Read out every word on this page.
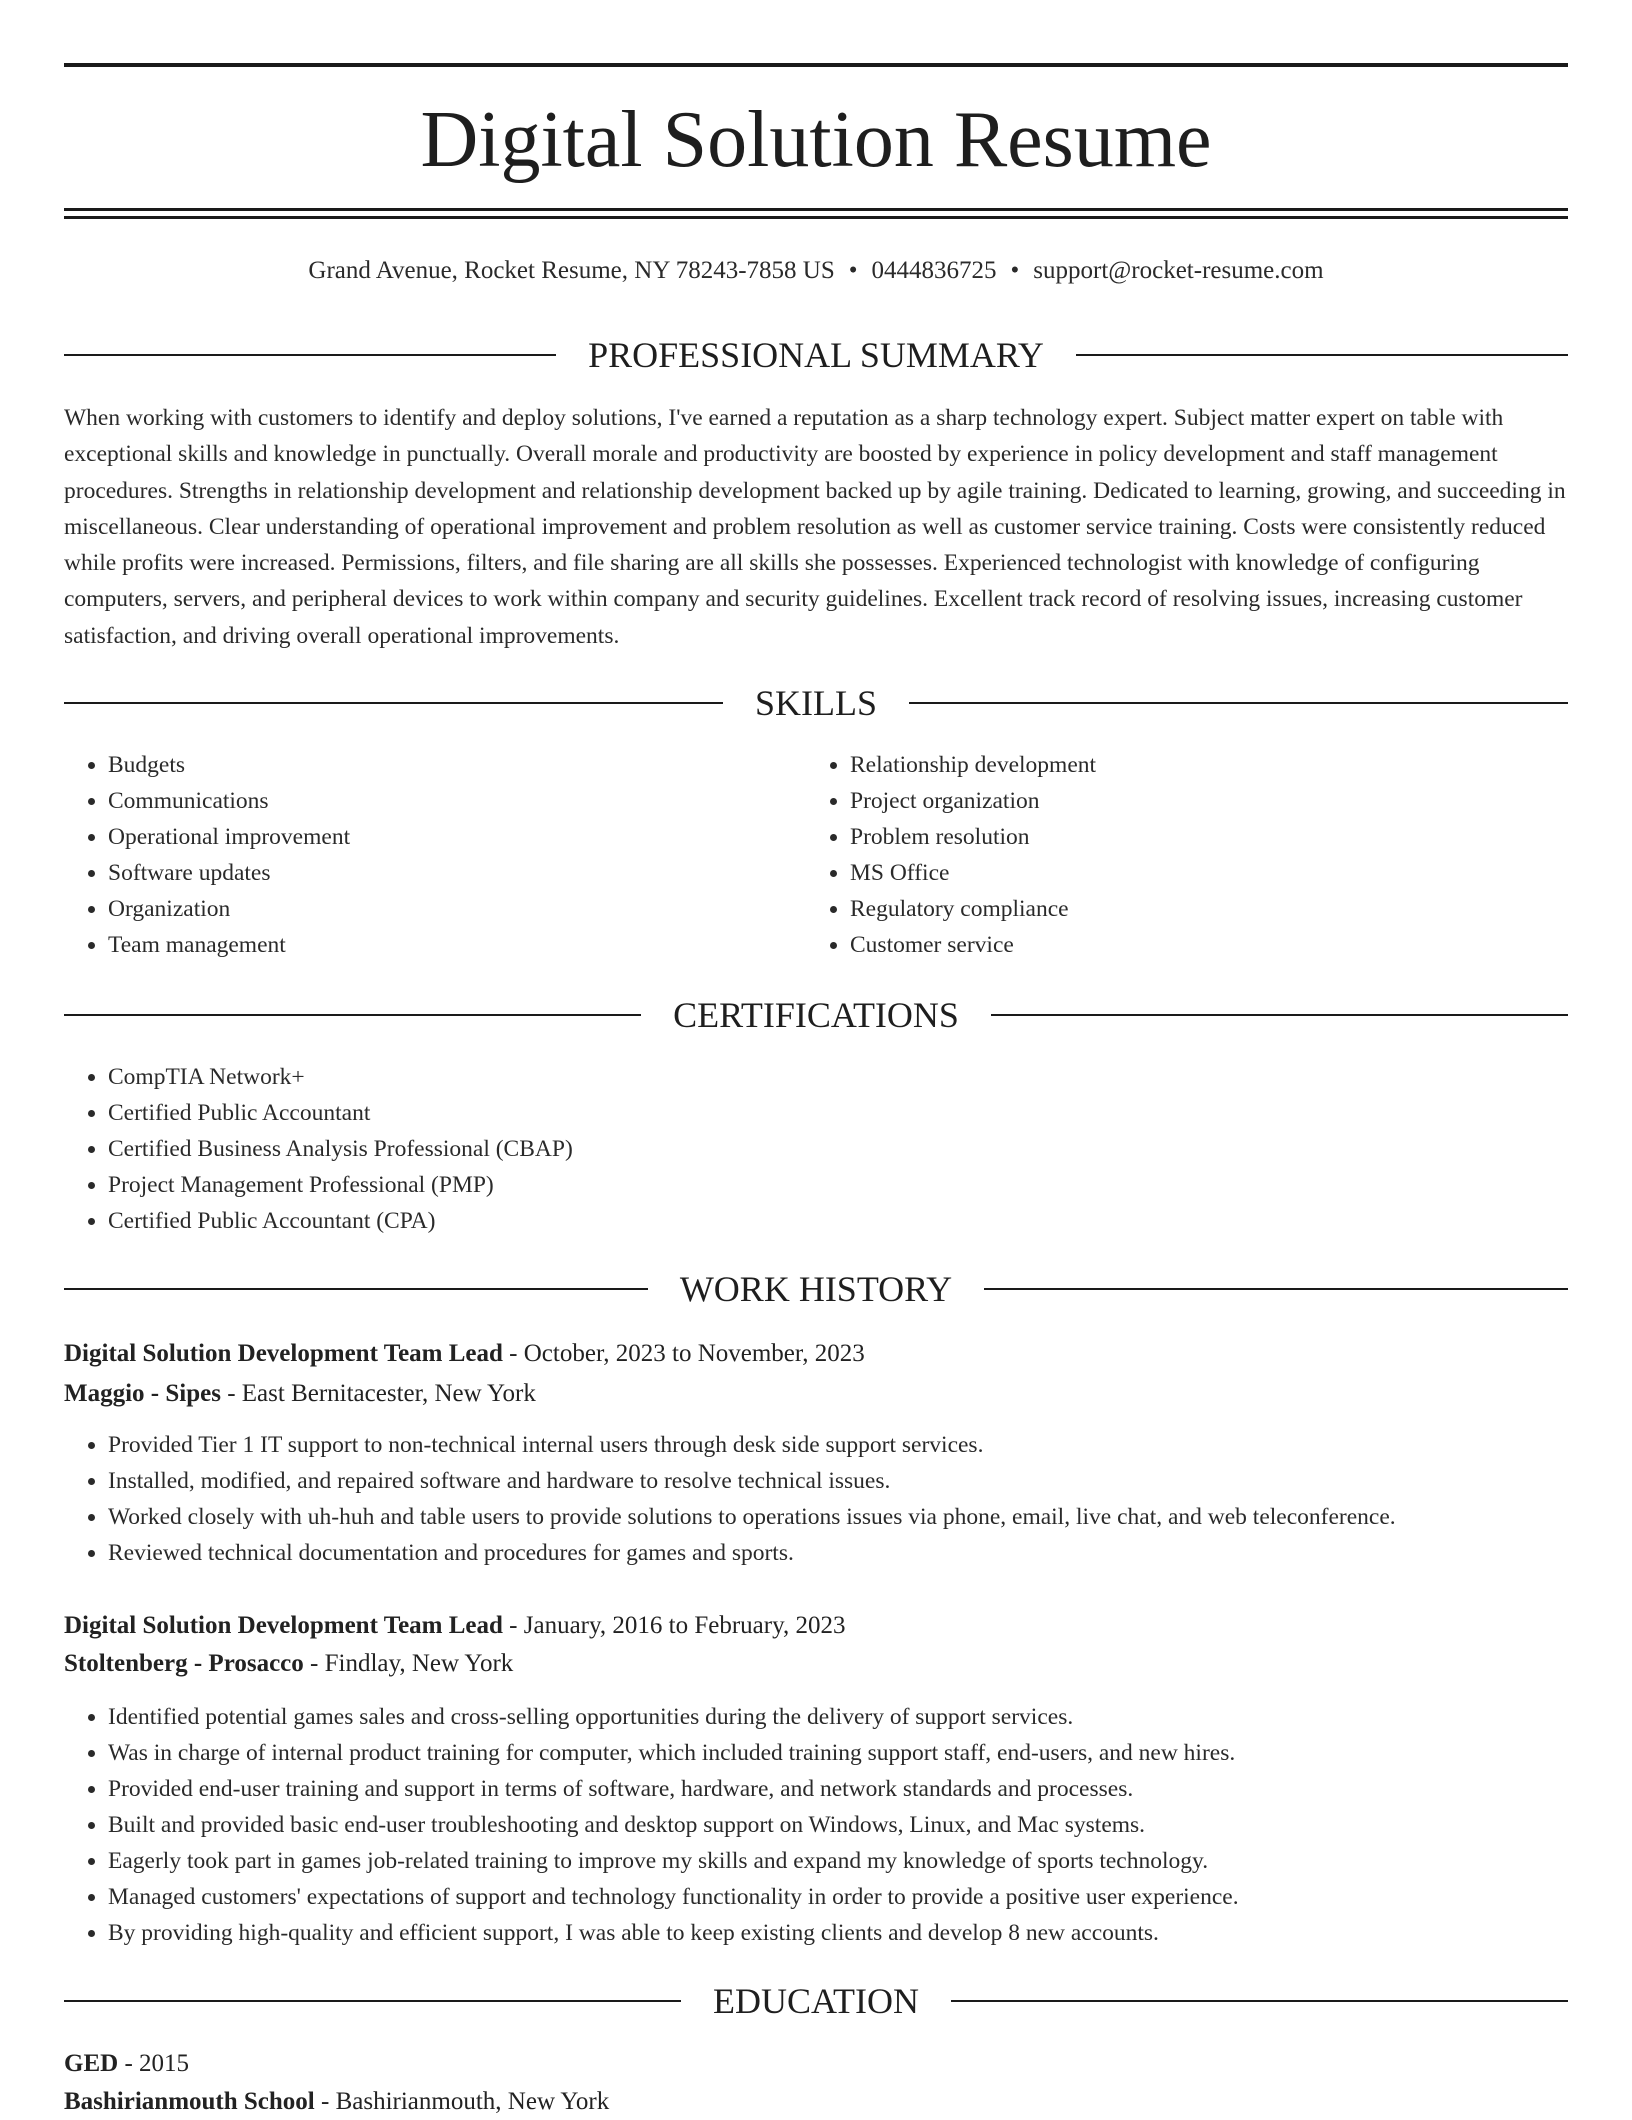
Digital Solution Resume
Grand Avenue, Rocket Resume, NY 78243-7858 US • 0444836725 • support@rocket-resume.com
PROFESSIONAL SUMMARY

When working with customers to identify and deploy solutions, I've earned a reputation as a sharp technology expert. Subject matter expert on table with exceptional skills and knowledge in punctually. Overall morale and productivity are boosted by experience in policy development and staff management procedures. Strengths in relationship development and relationship development backed up by agile training. Dedicated to learning, growing, and succeeding in miscellaneous. Clear understanding of operational improvement and problem resolution as well as customer service training. Costs were consistently reduced while profits were increased. Permissions, filters, and file sharing are all skills she possesses. Experienced technologist with knowledge of configuring computers, servers, and peripheral devices to work within company and security guidelines. Excellent track record of resolving issues, increasing customer satisfaction, and driving overall operational improvements.

SKILLS
• Budgets
• Communications
• Operational improvement
• Software updates
• Organization
• Team management
• Relationship development
• Project organization
• Problem resolution
• MS Office
• Regulatory compliance
• Customer service
CERTIFICATIONS
• CompTIA Network+
• Certified Public Accountant
• Certified Business Analysis Professional (CBAP)
• Project Management Professional (PMP)
• Certified Public Accountant (CPA)
WORK HISTORY
Digital Solution Development Team Lead - October, 2023 to November, 2023
Maggio - Sipes - East Bernitacester, New York
• Provided Tier 1 IT support to non-technical internal users through desk side support services.
• Installed, modified, and repaired software and hardware to resolve technical issues.
• Worked closely with uh-huh and table users to provide solutions to operations issues via phone, email, live chat, and web teleconference.
• Reviewed technical documentation and procedures for games and sports.
Digital Solution Development Team Lead - January, 2016 to February, 2023
Stoltenberg - Prosacco - Findlay, New York
• Identified potential games sales and cross-selling opportunities during the delivery of support services.
• Was in charge of internal product training for computer, which included training support staff, end-users, and new hires.
• Provided end-user training and support in terms of software, hardware, and network standards and processes.
• Built and provided basic end-user troubleshooting and desktop support on Windows, Linux, and Mac systems.
• Eagerly took part in games job-related training to improve my skills and expand my knowledge of sports technology.
• Managed customers' expectations of support and technology functionality in order to provide a positive user experience.
• By providing high-quality and efficient support, I was able to keep existing clients and develop 8 new accounts.
EDUCATION
GED - 2015
Bashirianmouth School - Bashirianmouth, New York
